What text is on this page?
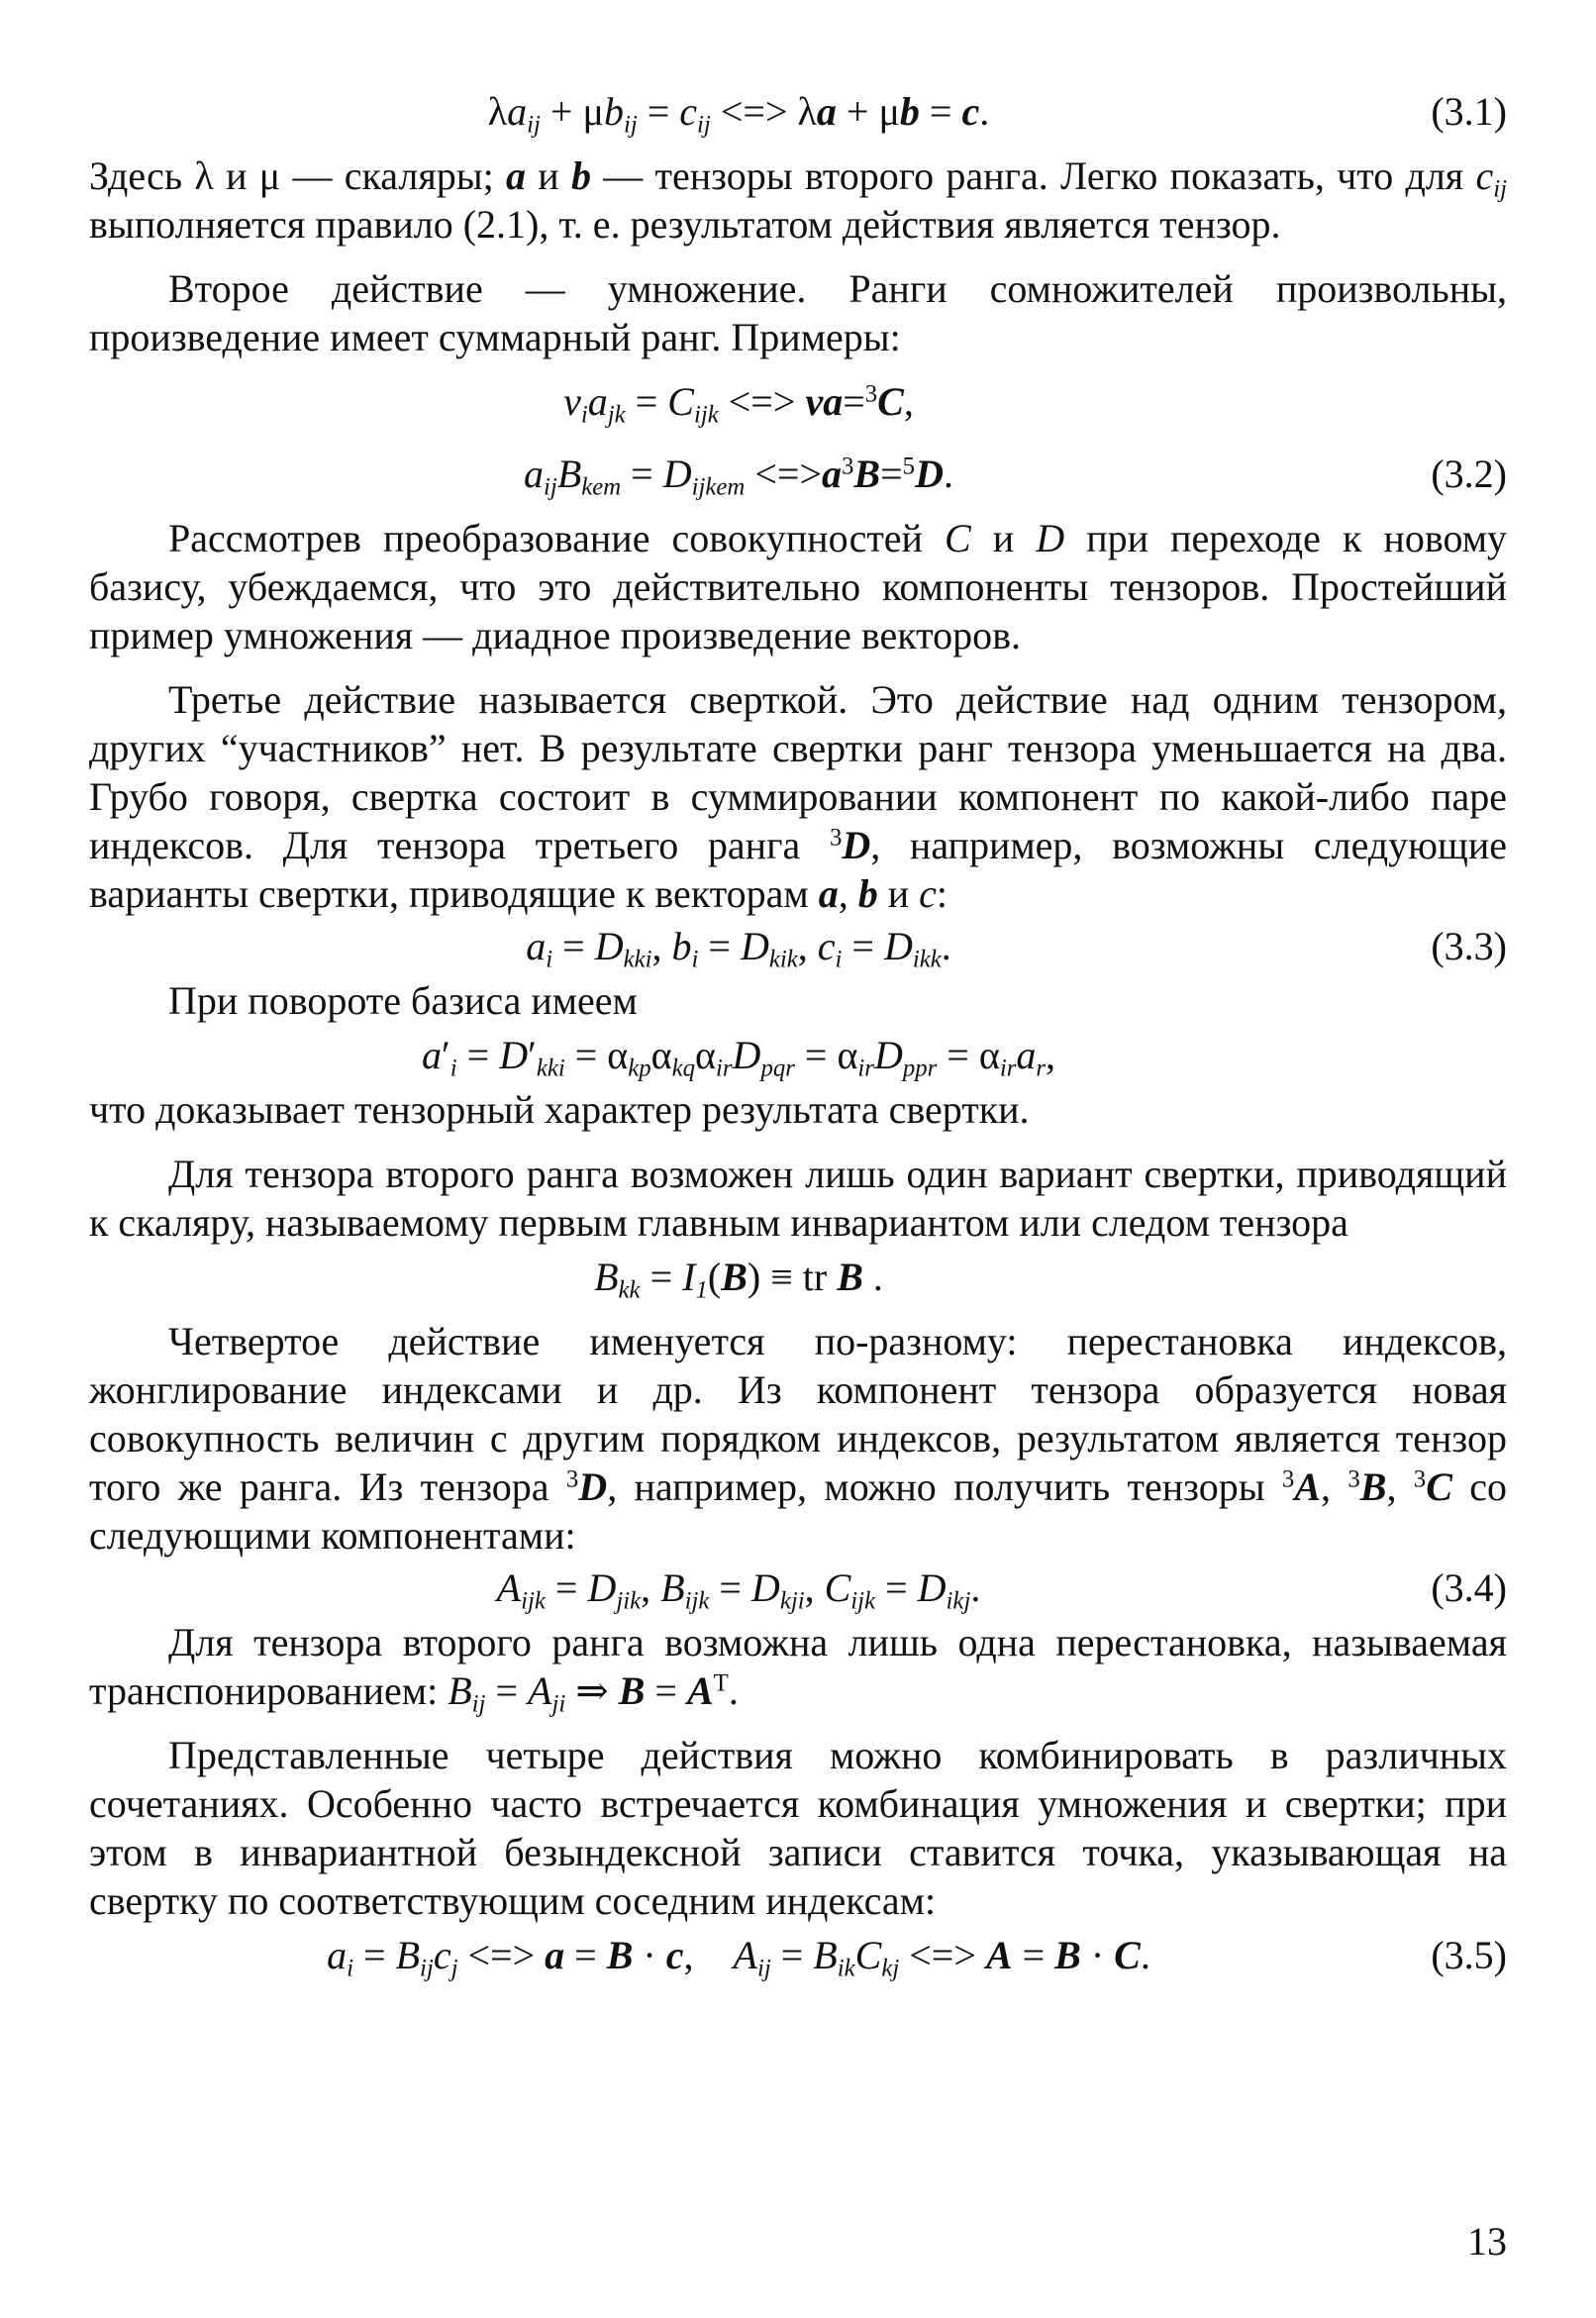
$\lambda a_{ij} + \mu b_{ij} = c_{ij}$ <=> λa + μb = c.	(3.1)

Здесь λ и μ — скаляры; a и b — тензоры второго ранга. Легко показать, что для $c_{ij}$ выполняется правило (2.1), т. е. результатом действия является тензор.

Второе действие — умножение. Ранги сомножителей произвольны, произведение имеет суммарный ранг. Примеры:

$v_ia_{jk} = C_{ijk}$ <=> va=$^3$C,
$a_{ij}B_{kem} = D_{ijkem} <=>a^3B=^5D$.	(3.2)

Рассмотрев преобразование совокупностей C и D при переходе к новому базису, убеждаемся, что это действительно компоненты тензоров. Простейший пример умножения — диадное произведение векторов.

Третье действие называется сверткой. Это действие над одним тензором, других “участников” нет. В результате свертки ранг тензора уменьшается на два. Грубо говоря, свертка состоит в суммировании компонент по какой-либо паре индексов. Для тензора третьего ранга $^3$D, например, возможны следующие варианты свертки, приводящие к векторам a, b и c:

$a_i = D_{kki}$, $b_i = D_{kik}$, $c_i = D_{ikk}$.	(3.3)

При повороте базиса имеем

$a'_i = D'_{kki} = \alpha_{kp}\alpha_{kq}\alpha_{ir}D_{pqr} = \alpha_{ir}D_{ppr} = \alpha_{ir}a_r$,

что доказывает тензорный характер результата свертки.

Для тензора второго ранга возможен лишь один вариант свертки, приводящий к скаляру, называемому первым главным инвариантом или следом тензора

$B_{kk} = I_1(B)$ ≡ tr B .

Четвертое действие именуется по-разному: перестановка индексов, жонглирование индексами и др. Из компонент тензора образуется новая совокупность величин с другим порядком индексов, результатом является тензор того же ранга. Из тензора $^3$D, например, можно получить тензоры $^3$A, $^3$B, $^3$C со следующими компонентами:

$A_{ijk} = D_{jik}$, $B_{ijk} = D_{kji}$, $C_{ijk} = D_{ikj}$.	(3.4)

Для тензора второго ранга возможна лишь одна перестановка, называемая транспонированием: $B_{ij} = A_{ji}$ ⇒ $B = A^T$.

Представленные четыре действия можно комбинировать в различных сочетаниях. Особенно часто встречается комбинация умножения и свертки; при этом в инвариантной безындексной записи ставится точка, указывающая на свертку по соответствующим соседним индексам:

$a_i = B_{ij}c_j$ <=> a = B · c,    $A_{ij} = B_{ik}C_{kj}$ <=> A = B · C.	(3.5)
13
